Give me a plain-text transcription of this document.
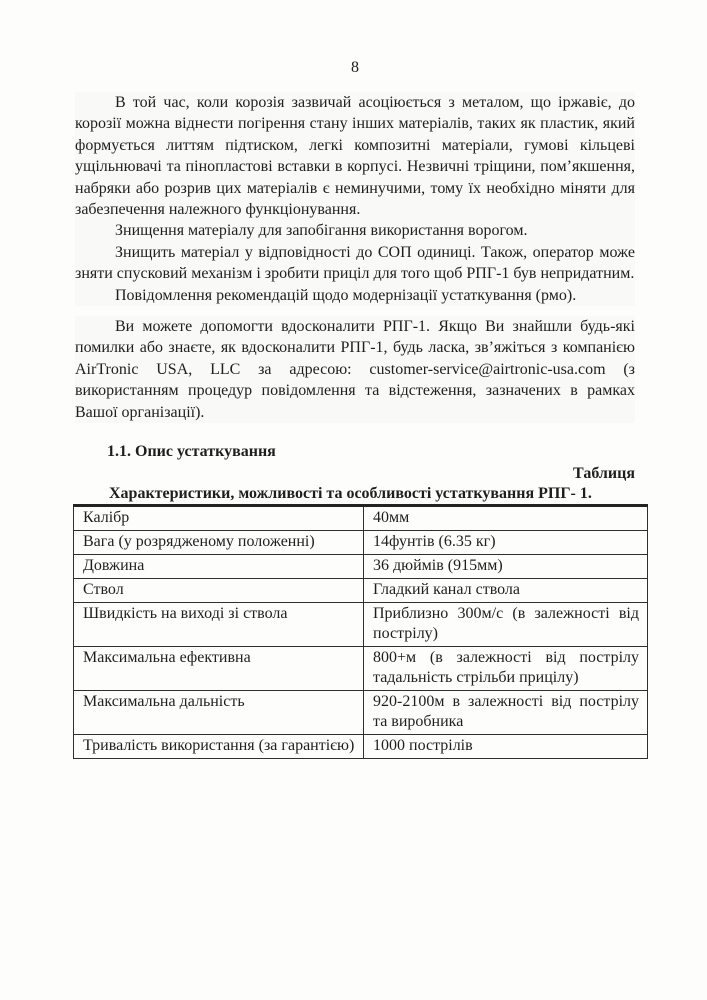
8

В той час, коли корозія зазвичай асоціюється з металом, що іржавіє, до корозії можна віднести погірення стану інших матеріалів, таких як пластик, який формується литтям підтиском, легкі композитні матеріали, гумові кільцеві ущільнювачі та пінопластові вставки в корпусі. Незвичні тріщини, пом’якшення, набряки або розрив цих матеріалів є неминучими, тому їх необхідно міняти для забезпечення належного функціонування.

Знищення матеріалу для запобігання використання ворогом.

Знищить матеріал у відповідності до СОП одиниці. Також, оператор може зняти спусковий механізм і зробити приціл для того щоб РПГ-1 був непридатним.

Повідомлення рекомендацій щодо модернізації устаткування (рмо).

Ви можете допомогти вдосконалити РПГ-1. Якщо Ви знайшли будь-які помилки або знаєте, як вдосконалити РПГ-1, будь ласка, зв’яжіться з компанією AirTronic USA, LLC за адресою: customer-service@airtronic-usa.com (з використанням процедур повідомлення та відстеження, зазначених в рамках Вашої організації).

1.1. Опис устаткування
Таблиця
Характеристики, можливості та особливості устаткування РПГ- 1.
Калібр	40мм
Вага (у розрядженому положенні)	14фунтів (6.35 кг)
Довжина	36 дюймів (915мм)
Ствол	Гладкий канал ствола
Швидкість на виході зі ствола	Приблизно 300м/с (в залежності від пострілу)
Максимальна ефективна	800+м (в залежності від пострілу тадальність стрільби прицілу)
Максимальна дальність	920-2100м в залежності від пострілу та виробника
Тривалість використання (за гарантією)	1000 пострілів
